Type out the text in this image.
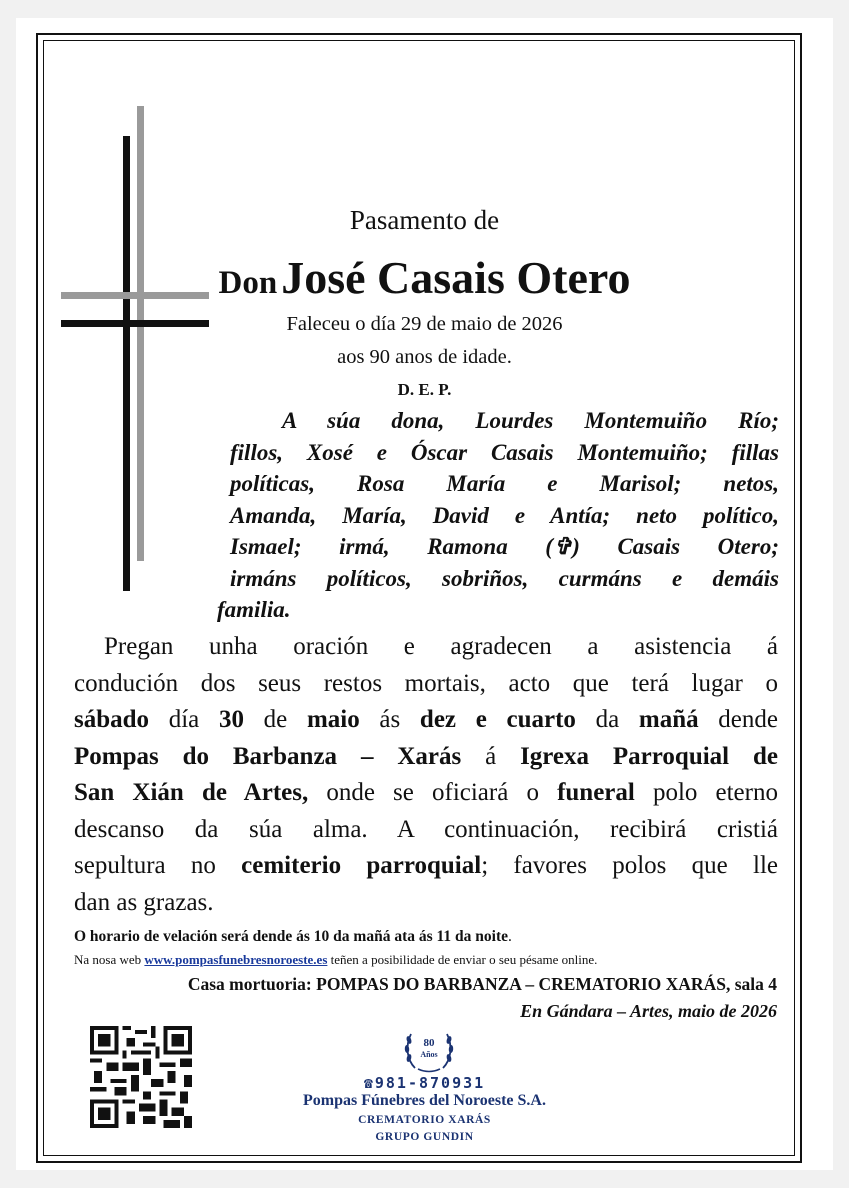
Pasamento de

Don José Casais Otero

Faleceu o día 29 de maio de 2026

aos 90 anos de idade.

D. E. P.

A súa dona, Lourdes Montemuiño Río;
fillos, Xosé e Óscar Casais Montemuiño; fillas
políticas, Rosa María e Marisol; netos,
Amanda, María, David e Antía; neto político,
Ismael; irmá, Ramona (✞) Casais Otero;
irmáns políticos, sobriños, curmáns e demáis

familia.

Pregan unha oración e agradecen a asistencia á
condución dos seus restos mortais, acto que terá lugar o
sábado día 30 de maio ás dez e cuarto da mañá dende
Pompas do Barbanza – Xarás á Igrexa Parroquial de
San Xián de Artes, onde se oficiará o funeral polo eterno
descanso da súa alma. A continuación, recibirá cristiá
sepultura no cemiterio parroquial; favores polos que lle
dan as grazas.

O horario de velación será dende ás 10 da mañá ata ás 11 da noite.

Na nosa web www.pompasfunebresnoroeste.es teñen a posibilidade de enviar o seu pésame online.

Casa mortuoria: POMPAS DO BARBANZA – CREMATORIO XARÁS, sala 4

En Gándara – Artes, maio de 2026

80
Años

☎981-870931

Pompas Fúnebres del Noroeste S.A.

CREMATORIO XARÁS

GRUPO GUNDIN
